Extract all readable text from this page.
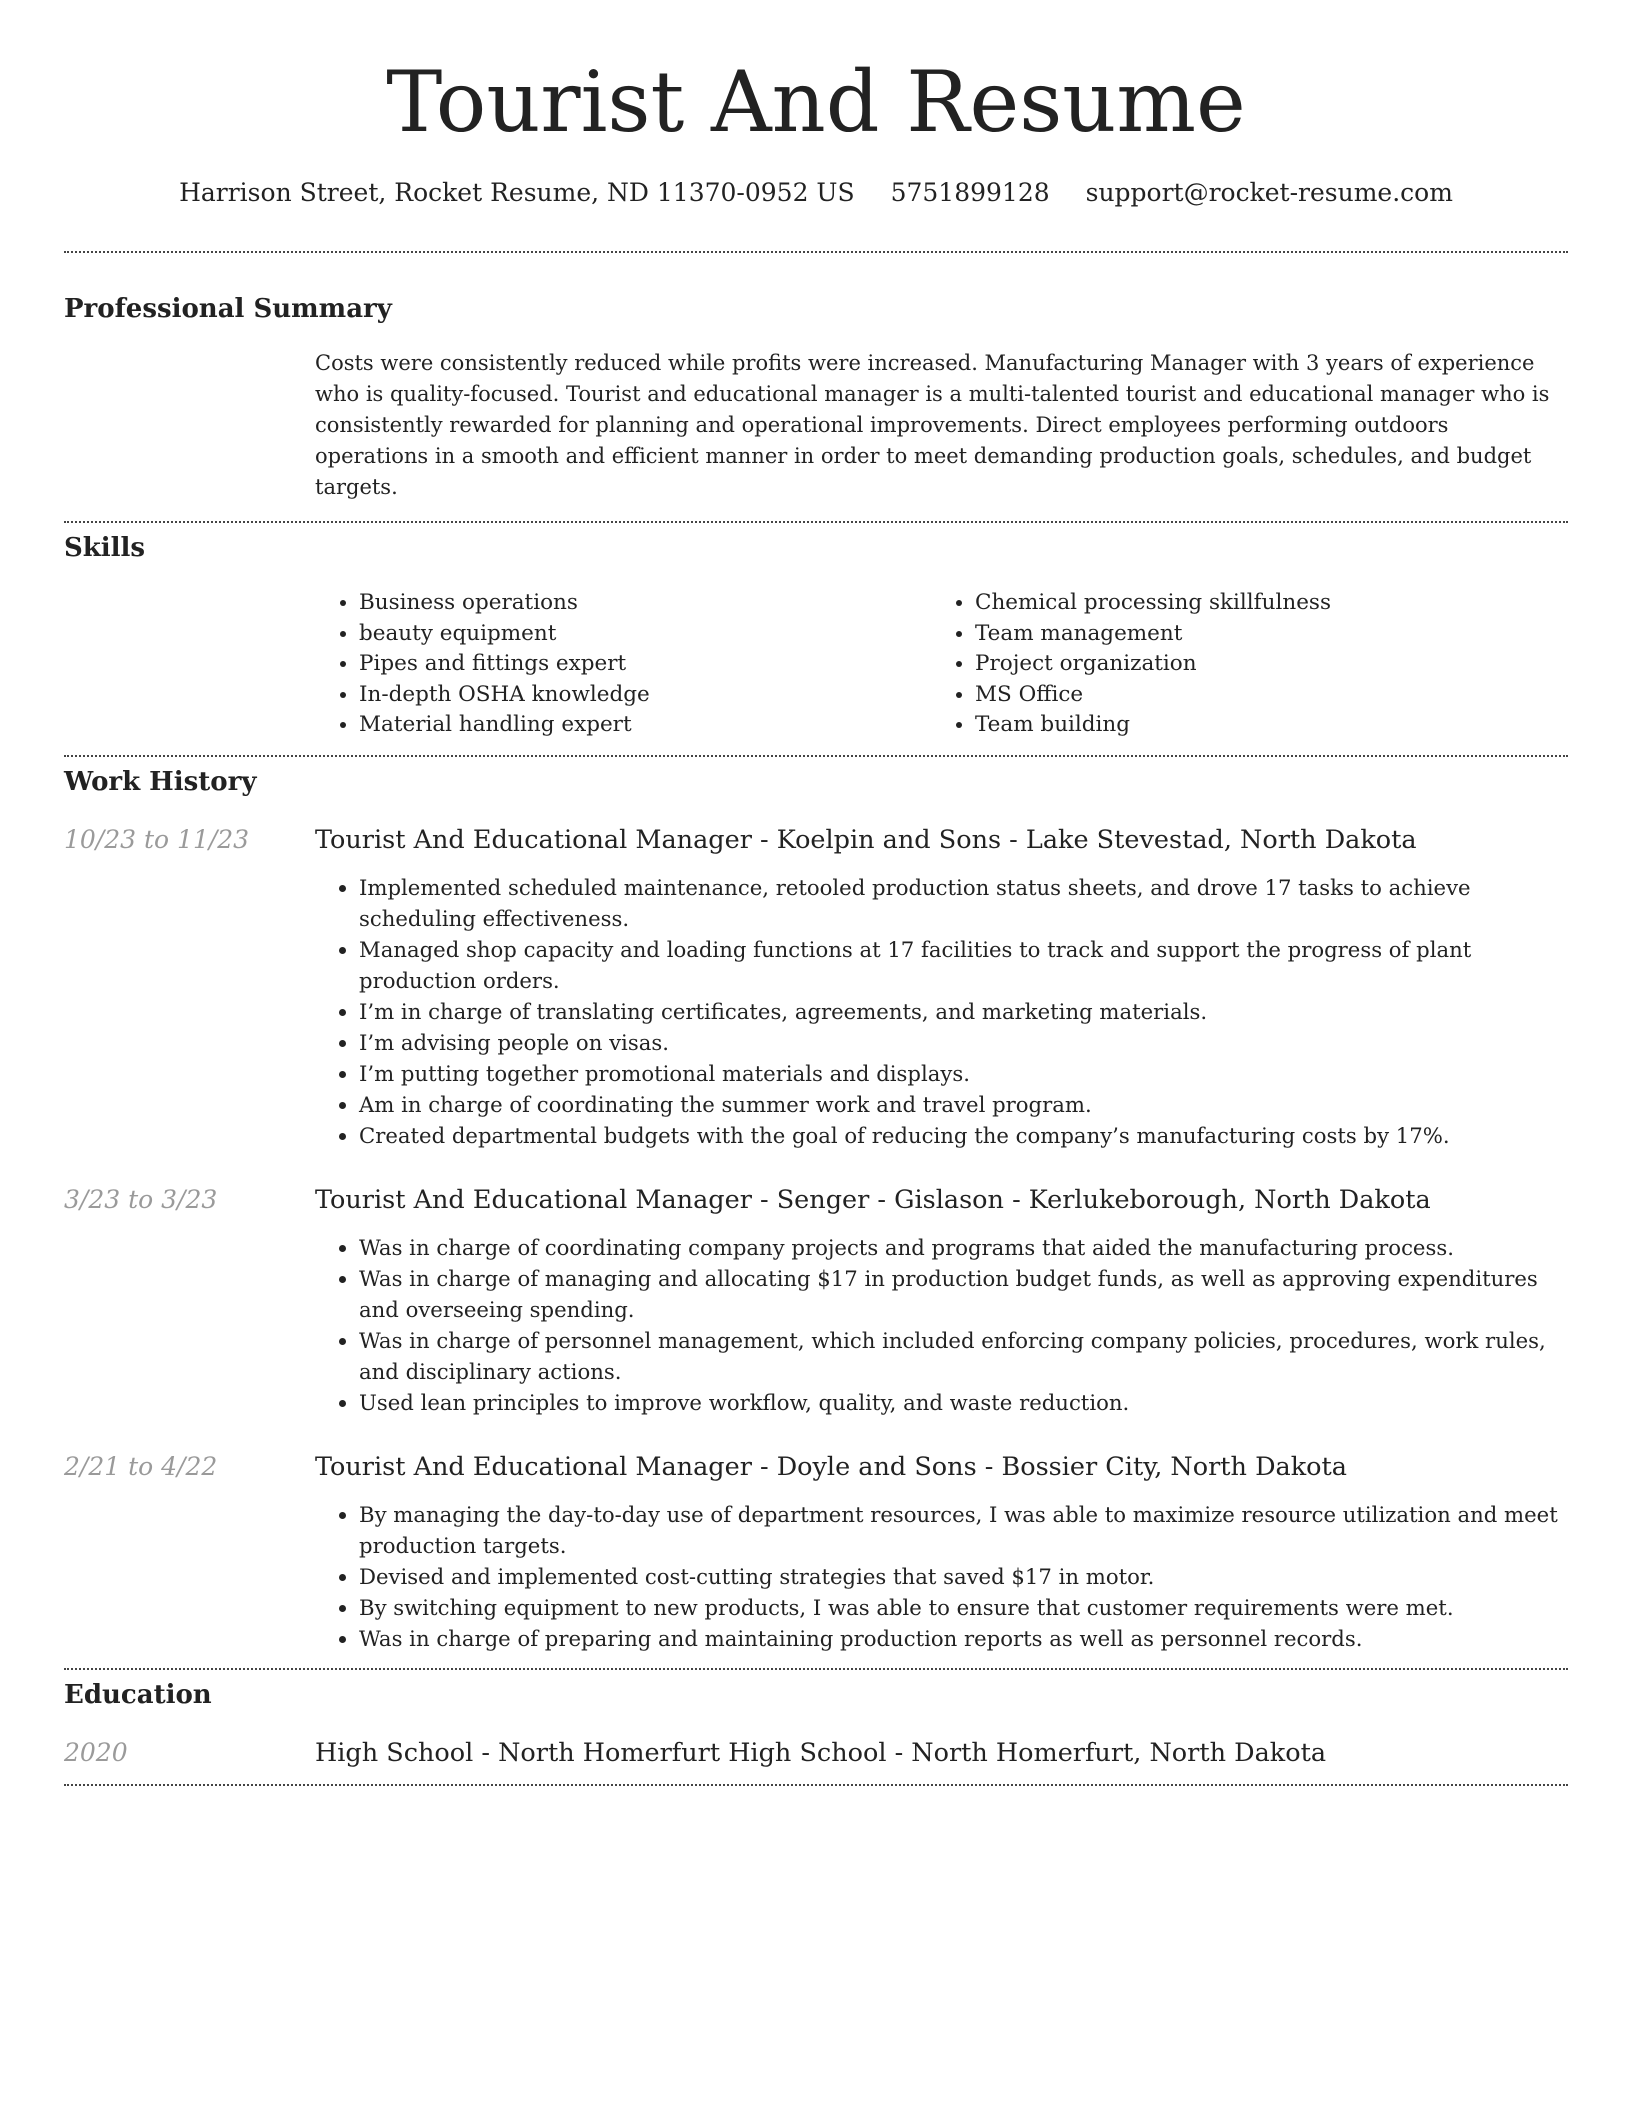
Tourist And Resume
Harrison Street, Rocket Resume, ND 11370-0952 US 5751899128 support@rocket-resume.com
Professional Summary
Costs were consistently reduced while profits were increased. Manufacturing Manager with 3 years of experience who is quality-focused. Tourist and educational manager is a multi-talented tourist and educational manager who is consistently rewarded for planning and operational improvements. Direct employees performing outdoors operations in a smooth and efficient manner in order to meet demanding production goals, schedules, and budget targets.
Skills
• Business operations
• beauty equipment
• Pipes and fittings expert
• In-depth OSHA knowledge
• Material handling expert
• Chemical processing skillfulness
• Team management
• Project organization
• MS Office
• Team building
Work History
10/23 to 11/23	Tourist And Educational Manager - Koelpin and Sons - Lake Stevestad, North Dakota
• Implemented scheduled maintenance, retooled production status sheets, and drove 17 tasks to achieve scheduling effectiveness.
• Managed shop capacity and loading functions at 17 facilities to track and support the progress of plant production orders.
• I’m in charge of translating certificates, agreements, and marketing materials.
• I’m advising people on visas.
• I’m putting together promotional materials and displays.
• Am in charge of coordinating the summer work and travel program.
• Created departmental budgets with the goal of reducing the company’s manufacturing costs by 17%.
3/23 to 3/23	Tourist And Educational Manager - Senger - Gislason - Kerlukeborough, North Dakota
• Was in charge of coordinating company projects and programs that aided the manufacturing process.
• Was in charge of managing and allocating $17 in production budget funds, as well as approving expenditures and overseeing spending.
• Was in charge of personnel management, which included enforcing company policies, procedures, work rules, and disciplinary actions.
• Used lean principles to improve workflow, quality, and waste reduction.
2/21 to 4/22	Tourist And Educational Manager - Doyle and Sons - Bossier City, North Dakota
• By managing the day-to-day use of department resources, I was able to maximize resource utilization and meet production targets.
• Devised and implemented cost-cutting strategies that saved $17 in motor.
• By switching equipment to new products, I was able to ensure that customer requirements were met.
• Was in charge of preparing and maintaining production reports as well as personnel records.
Education
2020	High School - North Homerfurt High School - North Homerfurt, North Dakota
